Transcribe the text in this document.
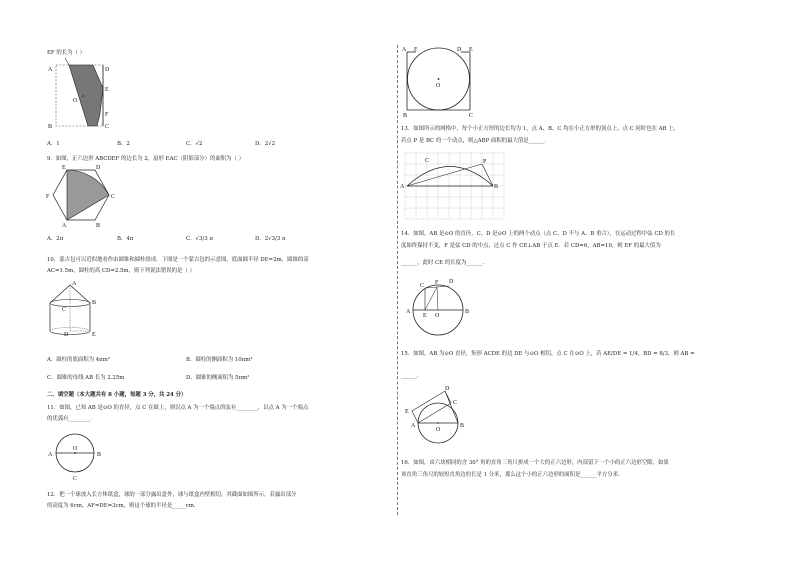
EF 的长为（ ）
A	D
E
O
F
B	C
A．1	B．2	C．√2	D．2√2
9．如图，正六边形 ABCDEF 的边长为 2，扇形 EAC（阴影部分）的面积为（ ）
E	D
F	C
A	B
A．2π	B．4π	C．√3/3 π	D．2√3/3 π
10．蒙古包可以近似地看作由圆锥和圆柱组成．下图是一个蒙古包的示意图，底面圆半径 DE=2m，圆锥的高
AC=1.5m，圆柱的高 CD=2.5m，则下列说法错误的是（ ）
A
B
C
D	E
A．圆柱的底面积为 4πm²	B．圆柱的侧面积为 10πm²
C．圆锥的母线 AB 长为 2.25m	D．圆锥的侧面积为 5πm²
二、填空题（本大题共有 8 小题，每题 3 分，共 24 分）
11．如图，已知 AB 是⊙O 的直径，点 C 在圆上，则以点 A 为一个端点的弦有________，以点 A 为一个端点
的优弧有________．
A
O
B
C
12．把一个球放入长方体纸盒，球的一部分露出盒外，球与纸盒内壁相切，其截面如图所示，若露出部分
的高度为 6cm，AF=DE=3cm，则这个球的半径是_____cm．
A F	D E
O
B	C
13．如图所示的网格中，每个小正方形的边长均为 1，点 A、B、C 均在小正方形的顶点上，点 C 同时也在 AB 上，
若点 P 是 BC 的一个动点，则△ABP 面积的最大值是______．
C	P
A	B
14．如图，AB 是⊙O 的直径，C、D 是⊙O 上的两个动点（点 C、D 不与 A、B 重合），在运动过程中弦 CD 的长
度始终保持不变，F 是弦 CD 的中点，过点 C 作 CE⊥AB 于点 E．若 CD=6，AB=10，则 EF 的最大值为
______，此时 CE 的长度为______．
C
A
O
E
B
D
F
15．如图，AB 为⊙O 直径，矩形 ACDE 的边 DE 与⊙O 相切，点 C 在⊙O 上，若 AE/DE = 1/4，BD = 8/3，则 AB =
______．
D
E
C
A
O
B
16．如图，由六块相同的含 30° 角的直角三角尺拼成一个大的正六边形，内部留下一个小的正六边形空隙，如果
该直角三角尺的较短直角边的长是 1 分米，那么这个小的正六边形的面积是______平方分米．
